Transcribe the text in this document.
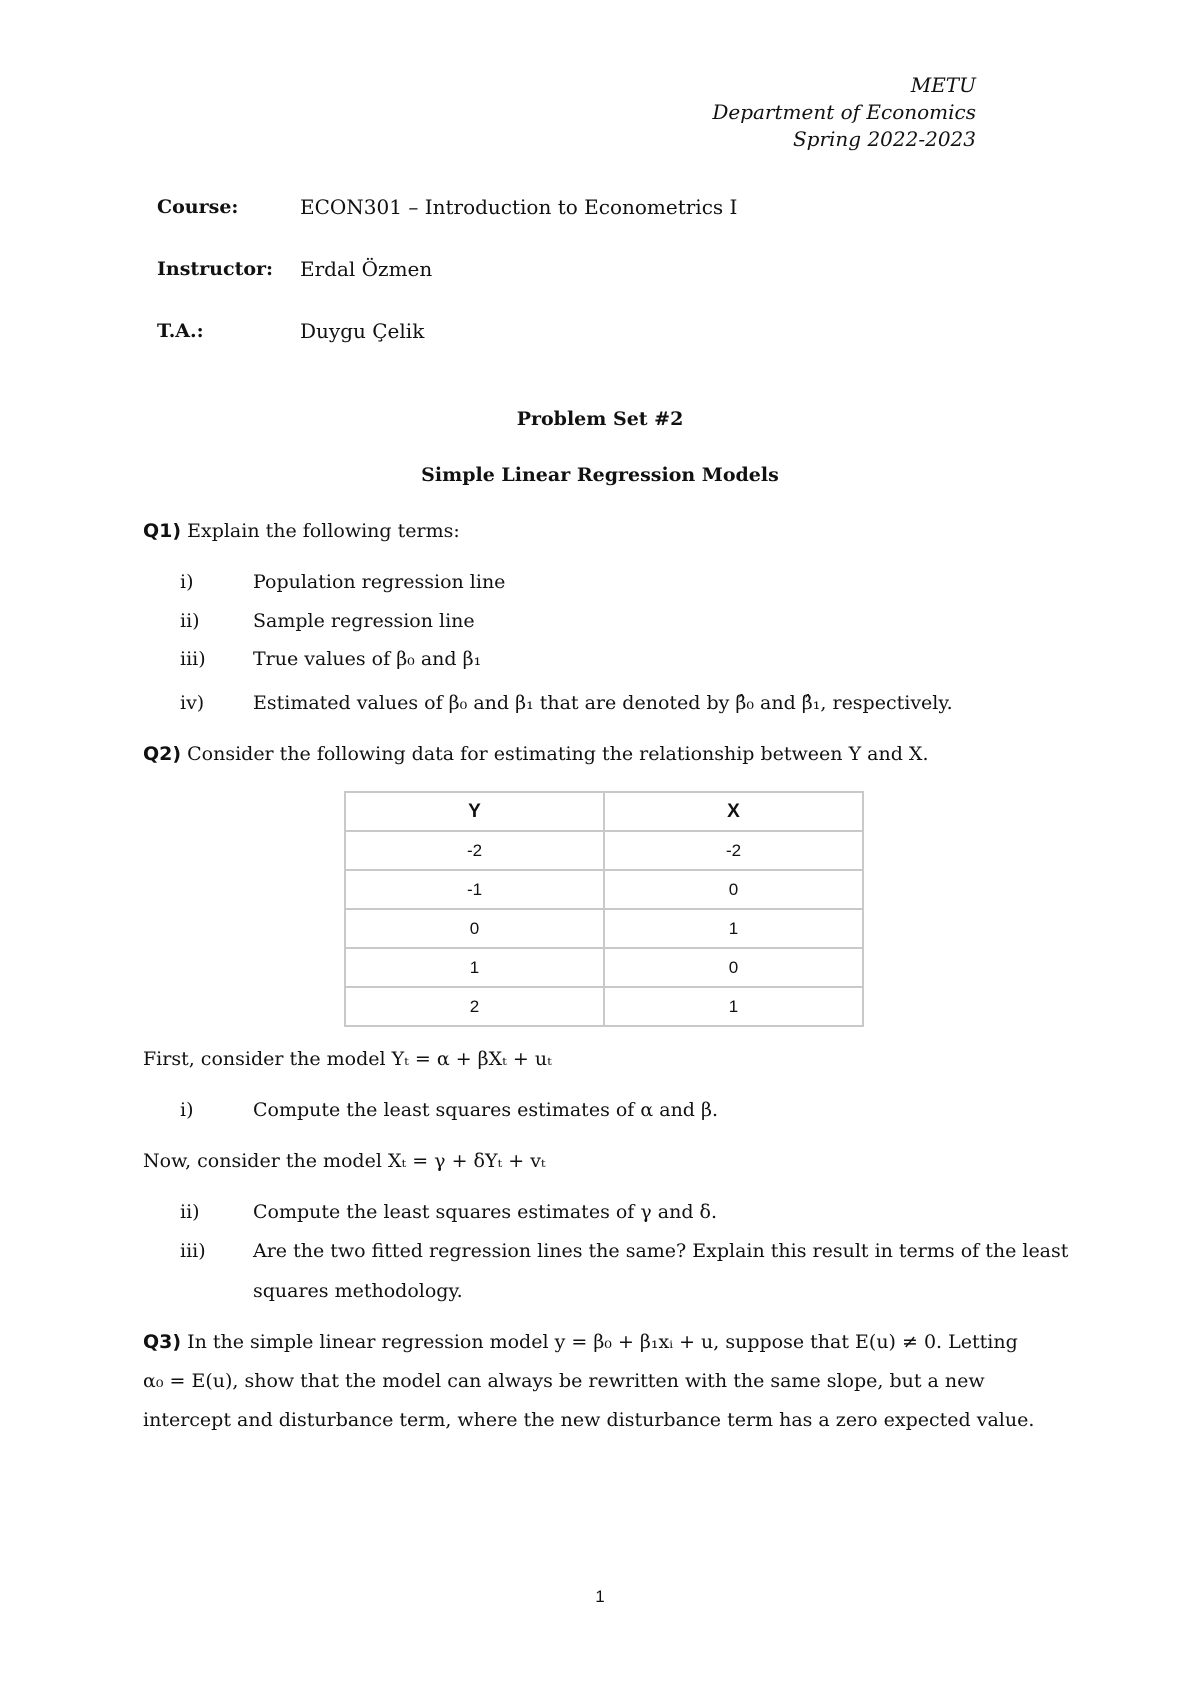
METU
Department of Economics
Spring 2022-2023
Course:	ECON301 – Introduction to Econometrics I
Instructor: Erdal Özmen
T.A.:	Duygu Çelik
Problem Set #2
Simple Linear Regression Models
Q1) Explain the following terms:
i)	Population regression line
ii)	Sample regression line
iii) True values of β₀ and β₁
iv)	Estimated values of β₀ and β₁ that are denoted by β̂₀ and β̂₁, respectively.
Q2) Consider the following data for estimating the relationship between Y and X.
Y	X
-2	-2
-1	0
0	1
1	0
2	1
First, consider the model Yₜ = α + βXₜ + uₜ
i)	Compute the least squares estimates of α and β.
Now, consider the model Xₜ = γ + δYₜ + vₜ
ii)	Compute the least squares estimates of γ and δ.
iii) Are the two fitted regression lines the same? Explain this result in terms of the least
squares methodology.
Q3) In the simple linear regression model y = β₀ + β₁xᵢ + u, suppose that E(u) ≠ 0. Letting
α₀ = E(u), show that the model can always be rewritten with the same slope, but a new
intercept and disturbance term, where the new disturbance term has a zero expected value.
1
